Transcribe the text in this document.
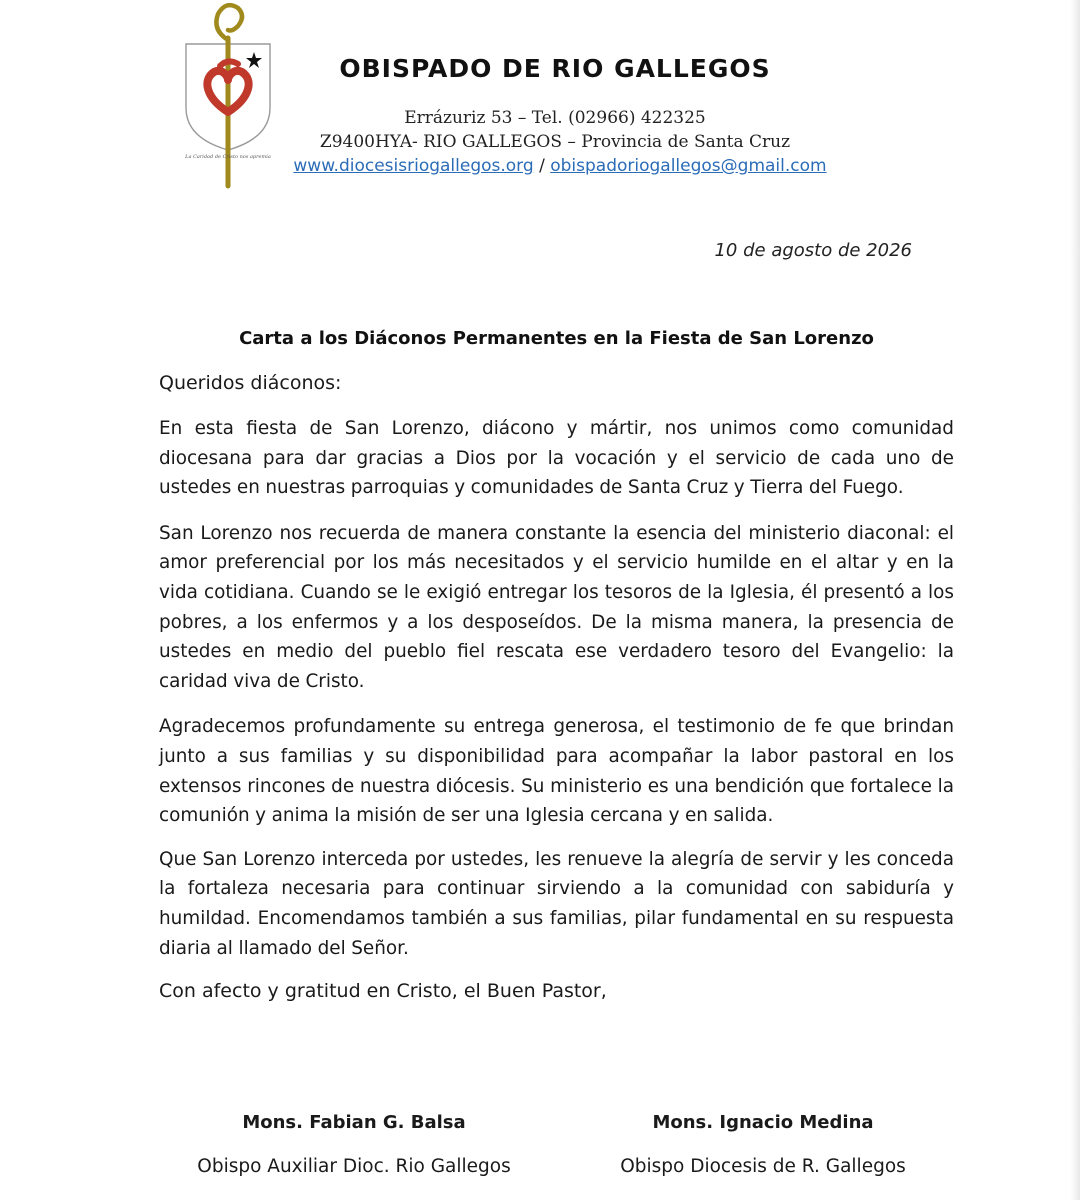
La Caridad de Cristo nos apremia
OBISPADO DE RIO GALLEGOS
Errázuriz 53 – Tel. (02966) 422325
Z9400HYA- RIO GALLEGOS – Provincia de Santa Cruz
www.diocesisriogallegos.org / obispadoriogallegos@gmail.com
10 de agosto de 2026
Carta a los Diáconos Permanentes en la Fiesta de San Lorenzo
Queridos diáconos:

En esta fiesta de San Lorenzo, diácono y mártir, nos unimos como comunidad diocesana para dar gracias a Dios por la vocación y el servicio de cada uno de ustedes en nuestras parroquias y comunidades de Santa Cruz y Tierra del Fuego.

San Lorenzo nos recuerda de manera constante la esencia del ministerio diaconal: el amor preferencial por los más necesitados y el servicio humilde en el altar y en la vida cotidiana. Cuando se le exigió entregar los tesoros de la Iglesia, él presentó a los pobres, a los enfermos y a los desposeídos. De la misma manera, la presencia de ustedes en medio del pueblo fiel rescata ese verdadero tesoro del Evangelio: la caridad viva de Cristo.

Agradecemos profundamente su entrega generosa, el testimonio de fe que brindan junto a sus familias y su disponibilidad para acompañar la labor pastoral en los extensos rincones de nuestra diócesis. Su ministerio es una bendición que fortalece la comunión y anima la misión de ser una Iglesia cercana y en salida.

Que San Lorenzo interceda por ustedes, les renueve la alegría de servir y les conceda la fortaleza necesaria para continuar sirviendo a la comunidad con sabiduría y humildad. Encomendamos también a sus familias, pilar fundamental en su respuesta diaria al llamado del Señor.

Con afecto y gratitud en Cristo, el Buen Pastor,
Mons. Fabian G. Balsa
Obispo Auxiliar Dioc. Rio Gallegos
Mons. Ignacio Medina
Obispo Diocesis de R. Gallegos
